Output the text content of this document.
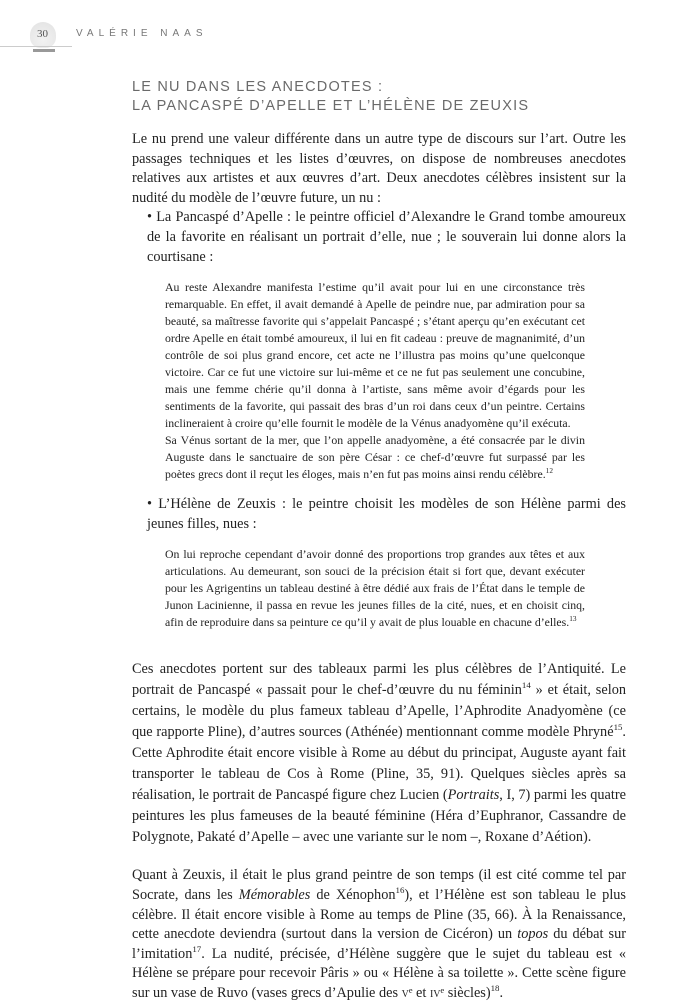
30	VALÉRIE NAAS
LE NU DANS LES ANECDOTES :
LA PANCASPÉ D’APELLE ET L’HÉLÈNE DE ZEUXIS
Le nu prend une valeur différente dans un autre type de discours sur l’art. Outre les passages techniques et les listes d’œuvres, on dispose de nombreuses anecdotes relatives aux artistes et aux œuvres d’art. Deux anecdotes célèbres insistent sur la nudité du modèle de l’œuvre future, un nu :
• La Pancaspé d’Apelle : le peintre officiel d’Alexandre le Grand tombe amoureux de la favorite en réalisant un portrait d’elle, nue ; le souverain lui donne alors la courtisane :
Au reste Alexandre manifesta l’estime qu’il avait pour lui en une circonstance très remarquable. En effet, il avait demandé à Apelle de peindre nue, par admiration pour sa beauté, sa maîtresse favorite qui s’appelait Pancaspé ; s’étant aperçu qu’en exécutant cet ordre Apelle en était tombé amoureux, il lui en fit cadeau : preuve de magnanimité, d’un contrôle de soi plus grand encore, cet acte ne l’illustra pas moins qu’une quelconque victoire. Car ce fut une victoire sur lui-même et ce ne fut pas seulement une concubine, mais une femme chérie qu’il donna à l’artiste, sans même avoir d’égards pour les sentiments de la favorite, qui passait des bras d’un roi dans ceux d’un peintre. Certains inclineraient à croire qu’elle fournit le modèle de la Vénus anadyomène qu’il exécuta.
Sa Vénus sortant de la mer, que l’on appelle anadyomène, a été consacrée par le divin Auguste dans le sanctuaire de son père César : ce chef-d’œuvre fut surpassé par les poètes grecs dont il reçut les éloges, mais n’en fut pas moins ainsi rendu célèbre.$^{12}$
• L’Hélène de Zeuxis : le peintre choisit les modèles de son Hélène parmi des jeunes filles, nues :
On lui reproche cependant d’avoir donné des proportions trop grandes aux têtes et aux articulations. Au demeurant, son souci de la précision était si fort que, devant exécuter pour les Agrigentins un tableau destiné à être dédié aux frais de l’État dans le temple de Junon Lacinienne, il passa en revue les jeunes filles de la cité, nues, et en choisit cinq, afin de reproduire dans sa peinture ce qu’il y avait de plus louable en chacune d’elles.$^{13}$
Ces anecdotes portent sur des tableaux parmi les plus célèbres de l’Antiquité. Le portrait de Pancaspé « passait pour le chef-d’œuvre du nu féminin$^{14}$ » et était, selon certains, le modèle du plus fameux tableau d’Apelle, l’Aphrodite Anadyomène (ce que rapporte Pline), d’autres sources (Athénée) mentionnant comme modèle Phryné$^{15}$. Cette Aphrodite était encore visible à Rome au début du principat, Auguste ayant fait transporter le tableau de Cos à Rome (Pline, 35, 91). Quelques siècles après sa réalisation, le portrait de Pancaspé figure chez Lucien (Portraits, I, 7) parmi les quatre peintures les plus fameuses de la beauté féminine (Héra d’Euphranor, Cassandre de Polygnote, Pakaté d’Apelle – avec une variante sur le nom –, Roxane d’Aétion).
Quant à Zeuxis, il était le plus grand peintre de son temps (il est cité comme tel par Socrate, dans les Mémorables de Xénophon$^{16}$), et l’Hélène est son tableau le plus célèbre. Il était encore visible à Rome au temps de Pline (35, 66). À la Renaissance, cette anecdote deviendra (surtout dans la version de Cicéron) un topos du débat sur l’imitation$^{17}$. La nudité, précisée, d’Hélène suggère que le sujet du tableau est « Hélène se prépare pour recevoir Pâris » ou « Hélène à sa toilette ». Cette scène figure sur un vase de Ruvo (vases grecs d’Apulie des vᵉ et ivᵉ siècles)$^{18}$.
